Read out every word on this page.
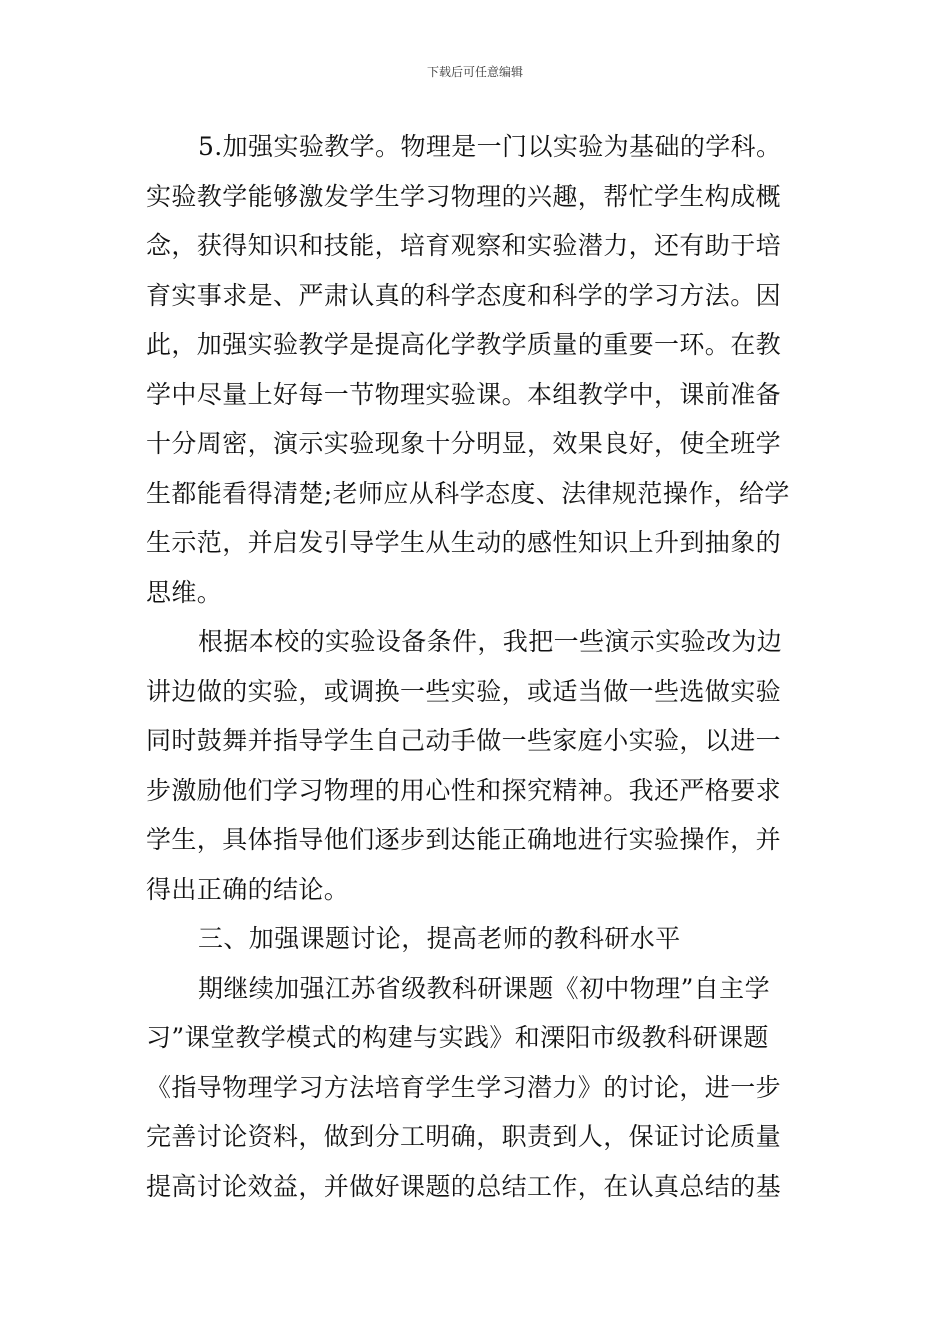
下载后可任意编辑
5.加强实验教学。物理是一门以实验为基础的学科。
实验教学能够激发学生学习物理的兴趣，帮忙学生构成概
念，获得知识和技能，培育观察和实验潜力，还有助于培
育实事求是、严肃认真的科学态度和科学的学习方法。因
此，加强实验教学是提高化学教学质量的重要一环。在教
学中尽量上好每一节物理实验课。本组教学中，课前准备
十分周密，演示实验现象十分明显，效果良好，使全班学
生都能看得清楚;老师应从科学态度、法律规范操作，给学
生示范，并启发引导学生从生动的感性知识上升到抽象的
思维。
根据本校的实验设备条件，我把一些演示实验改为边
讲边做的实验，或调换一些实验，或适当做一些选做实验
同时鼓舞并指导学生自己动手做一些家庭小实验，以进一
步激励他们学习物理的用心性和探究精神。我还严格要求
学生，具体指导他们逐步到达能正确地进行实验操作，并
得出正确的结论。
三、加强课题讨论，提高老师的教科研水平
期继续加强江苏省级教科研课题《初中物理”自主学
习”课堂教学模式的构建与实践》和溧阳市级教科研课题
《指导物理学习方法培育学生学习潜力》的讨论，进一步
完善讨论资料，做到分工明确，职责到人，保证讨论质量
提高讨论效益，并做好课题的总结工作，在认真总结的基
